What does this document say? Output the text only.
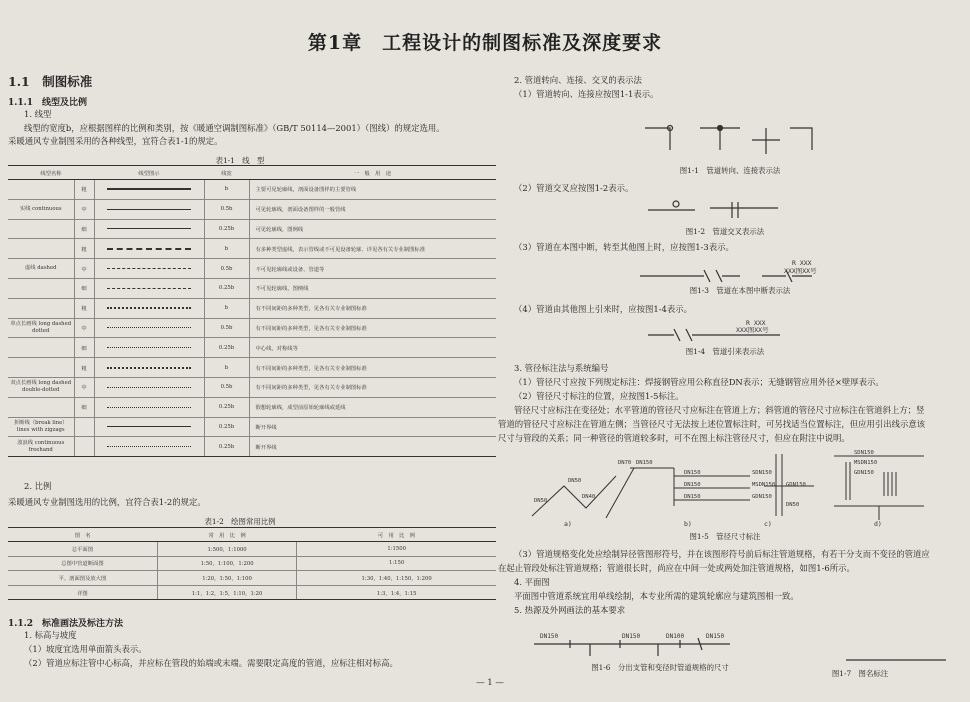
第1章　工程设计的制图标准及深度要求
1.1　制图标准
1.1.1　线型及比例
1. 线型
线型的宽度b，应根据图样的比例和类别，按《暖通空调制图标准》（GB/T 50114—2001）（图线）的规定选用。
采暖通风专业制图采用的各种线型，宜符合表1-1的规定。
表1-1　线　型
线型名称		线型图示	线宽	一　般　用　途
	粗		b	主要可见轮廓线，剖面设备图样的主要管线
实线 continuous	中		0.5b	可见轮廓线，剖面设备图样的一般管线
	细		0.25b	可见轮廓线，图例线
	粗		b	有多种类型虚线，表示管线或不可见设备轮廓、详见各有关专业制图标准
虚线 dashed	中		0.5b	不可见轮廓线或设备、管道等
	细		0.25b	不可见轮廓线，图例线
	粗		b	有不同间距的多种类型，见各有关专业制图标准
单点长画线 long dashed dotted	中		0.5b	有不同间距的多种类型，见各有关专业制图标准
	细		0.25b	中心线，对称线等
	粗		b	有不同间距的多种类型，见各有关专业制图标准
双点长画线 long dashed double-dotted	中		0.5b	有不同间距的多种类型，见各有关专业制图标准
	细		0.25b	假想轮廓线，成型前原始轮廓线或延线
折断线（break line） lines with zigzags			0.25b	断开界线
波浪线 continuous freehand			0.25b	断开界线
2. 比例
采暖通风专业制图选用的比例，宜符合表1-2的规定。
表1-2　绘图常用比例
图　名	常　用　比　例	可　用　比　例
总平面图	1:500，1:1000	1:1500
总图中管道断面图	1:50，1:100，1:200	1:150
平、剖面图及放大图	1:20，1:50，1:100	1:30，1:40，1:150，1:200
详图	1:1，1:2，1:5，1:10，1:20	1:3，1:4，1:15
1.1.2　标准画法及标注方法
1. 标高与坡度
（1）坡度宜选用单面箭头表示。
（2）管道应标注管中心标高，并应标在管段的始端或末端。需要限定高度的管道，应标注相对标高。
2. 管道转向、连接、交叉的表示法
（1）管道转向、连接应按图1-1表示。
图1-1　管道转向、连接表示法
（2）管道交叉应按图1-2表示。
图1-2　管道交叉表示法
（3）管道在本图中断，转至其他图上时，应按图1-3表示。
R XXX
XXX图XX号
图1-3　管道在本图中断表示法
（4）管道由其他图上引来时，应按图1-4表示。
R XXX
XXX图XX号
图1-4　管道引来表示法
3. 管径标注法与系统编号
（1）管径尺寸应按下列规定标注：焊接钢管应用公称直径DN表示；无缝钢管应用外径×壁厚表示。
（2）管径尺寸标注的位置，应按图1-5标注。
管径尺寸应标注在变径处；水平管道的管径尺寸应标注在管道上方；斜管道的管径尺寸应标注在管道斜上方；竖
管道的管径尺寸应标注在管道左侧；当管径尺寸无法按上述位置标注时，可另找适当位置标注，但应用引出线示意该
尺寸与管段的关系；同一种管径的管道较多时，可不在图上标注管径尺寸，但应在附注中说明。
DN50
DN50
DN40
DN70 DN150
DN150
DN150
DN150
SDN150
MSDN150
GDN150
GDN150
DN50
SDN150
MSDN150
GDN150
a)	b)	c)	d)
图1-5　管径尺寸标注
（3）管道规格变化处应绘制异径管图形符号，并在该图形符号前后标注管道规格，有若干分支而不变径的管道应
在起止管段处标注管道规格；管道很长时，尚应在中间一处或两处加注管道规格，如图1-6所示。
4. 平面图
平面图中管道系统宜用单线绘制，本专业所需的建筑轮廓应与建筑图相一致。
5. 热源及外网画法的基本要求
DN150	DN150	DN100	DN150
图1-6　分出支管和变径时管道规格的尺寸
图1-7　图名标注
— 1 —
